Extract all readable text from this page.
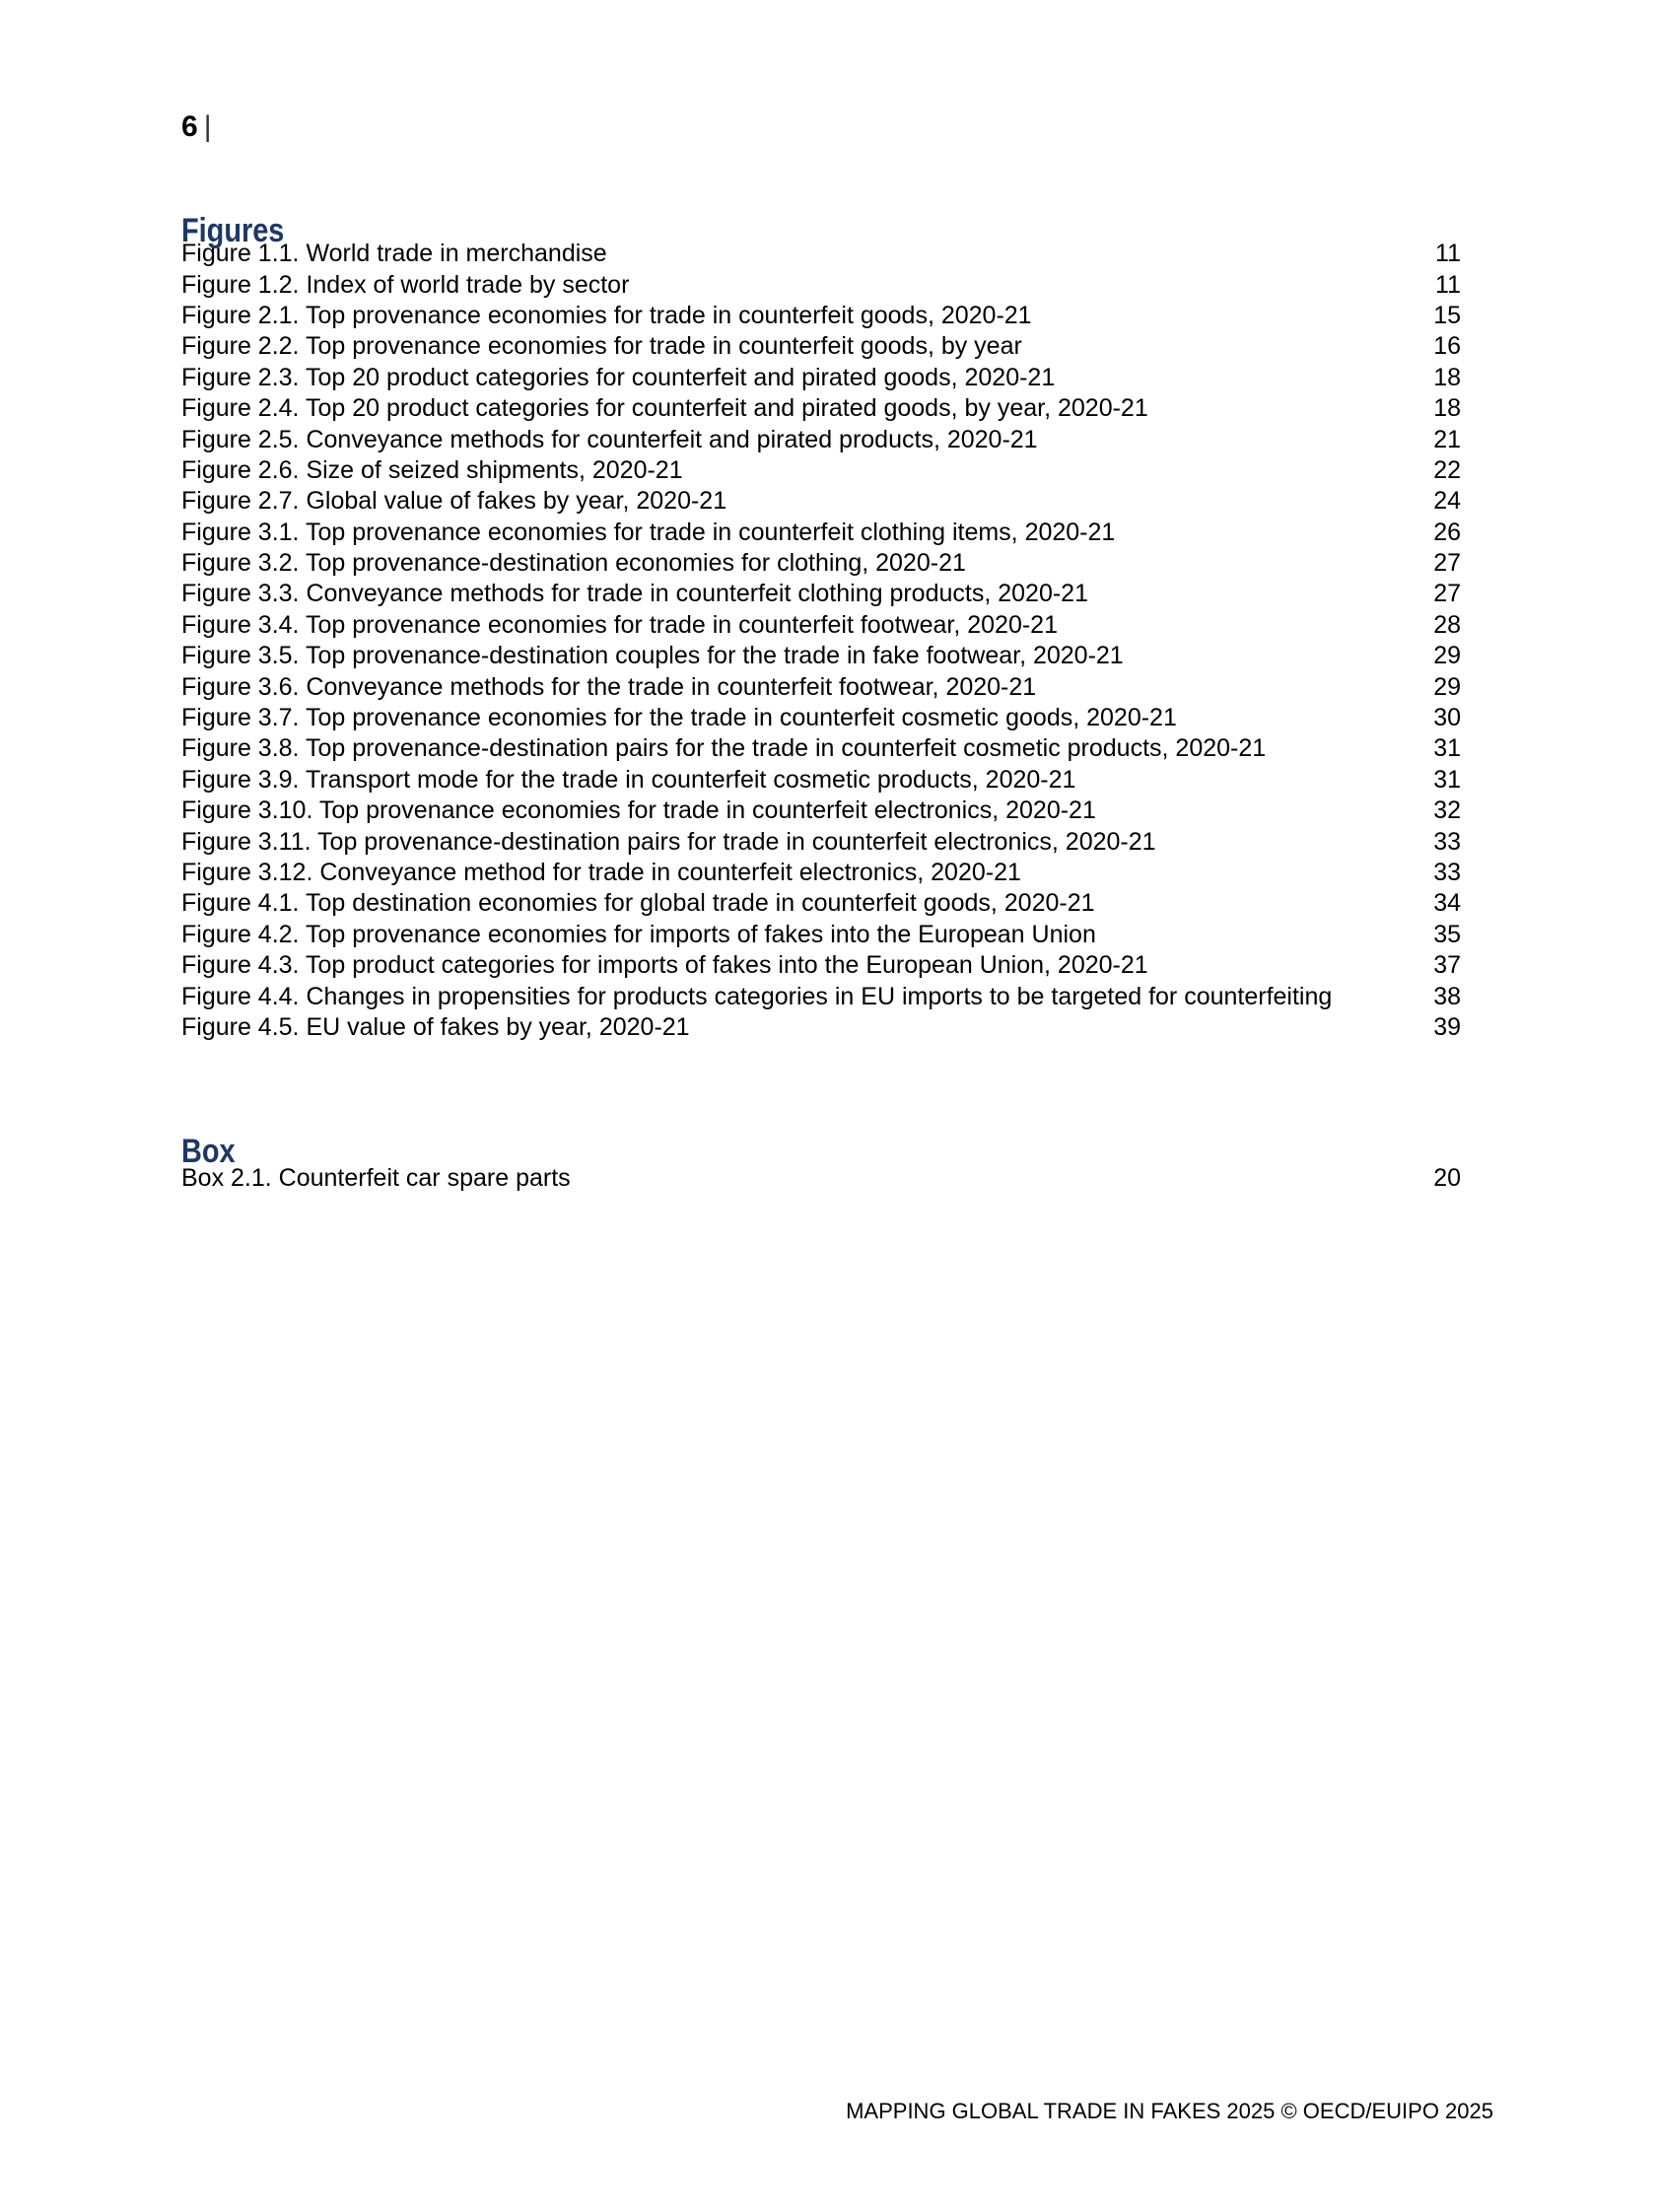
6 |
Figures
Figure 1.1. World trade in merchandise	11
Figure 1.2. Index of world trade by sector	11
Figure 2.1. Top provenance economies for trade in counterfeit goods, 2020-21	15
Figure 2.2. Top provenance economies for trade in counterfeit goods, by year	16
Figure 2.3. Top 20 product categories for counterfeit and pirated goods, 2020-21	18
Figure 2.4. Top 20 product categories for counterfeit and pirated goods, by year, 2020-21	18
Figure 2.5. Conveyance methods for counterfeit and pirated products, 2020-21	21
Figure 2.6. Size of seized shipments, 2020-21	22
Figure 2.7. Global value of fakes by year, 2020-21	24
Figure 3.1. Top provenance economies for trade in counterfeit clothing items, 2020-21	26
Figure 3.2. Top provenance-destination economies for clothing, 2020-21	27
Figure 3.3. Conveyance methods for trade in counterfeit clothing products, 2020-21	27
Figure 3.4. Top provenance economies for trade in counterfeit footwear, 2020-21	28
Figure 3.5. Top provenance-destination couples for the trade in fake footwear, 2020-21	29
Figure 3.6. Conveyance methods for the trade in counterfeit footwear, 2020-21	29
Figure 3.7. Top provenance economies for the trade in counterfeit cosmetic goods, 2020-21	30
Figure 3.8. Top provenance-destination pairs for the trade in counterfeit cosmetic products, 2020-21	31
Figure 3.9. Transport mode for the trade in counterfeit cosmetic products, 2020-21	31
Figure 3.10. Top provenance economies for trade in counterfeit electronics, 2020-21	32
Figure 3.11. Top provenance-destination pairs for trade in counterfeit electronics, 2020-21	33
Figure 3.12. Conveyance method for trade in counterfeit electronics, 2020-21	33
Figure 4.1. Top destination economies for global trade in counterfeit goods, 2020-21	34
Figure 4.2. Top provenance economies for imports of fakes into the European Union	35
Figure 4.3. Top product categories for imports of fakes into the European Union, 2020-21	37
Figure 4.4. Changes in propensities for products categories in EU imports to be targeted for counterfeiting	38
Figure 4.5. EU value of fakes by year, 2020-21	39
Box
Box 2.1. Counterfeit car spare parts	20
MAPPING GLOBAL TRADE IN FAKES 2025 © OECD/EUIPO 2025
